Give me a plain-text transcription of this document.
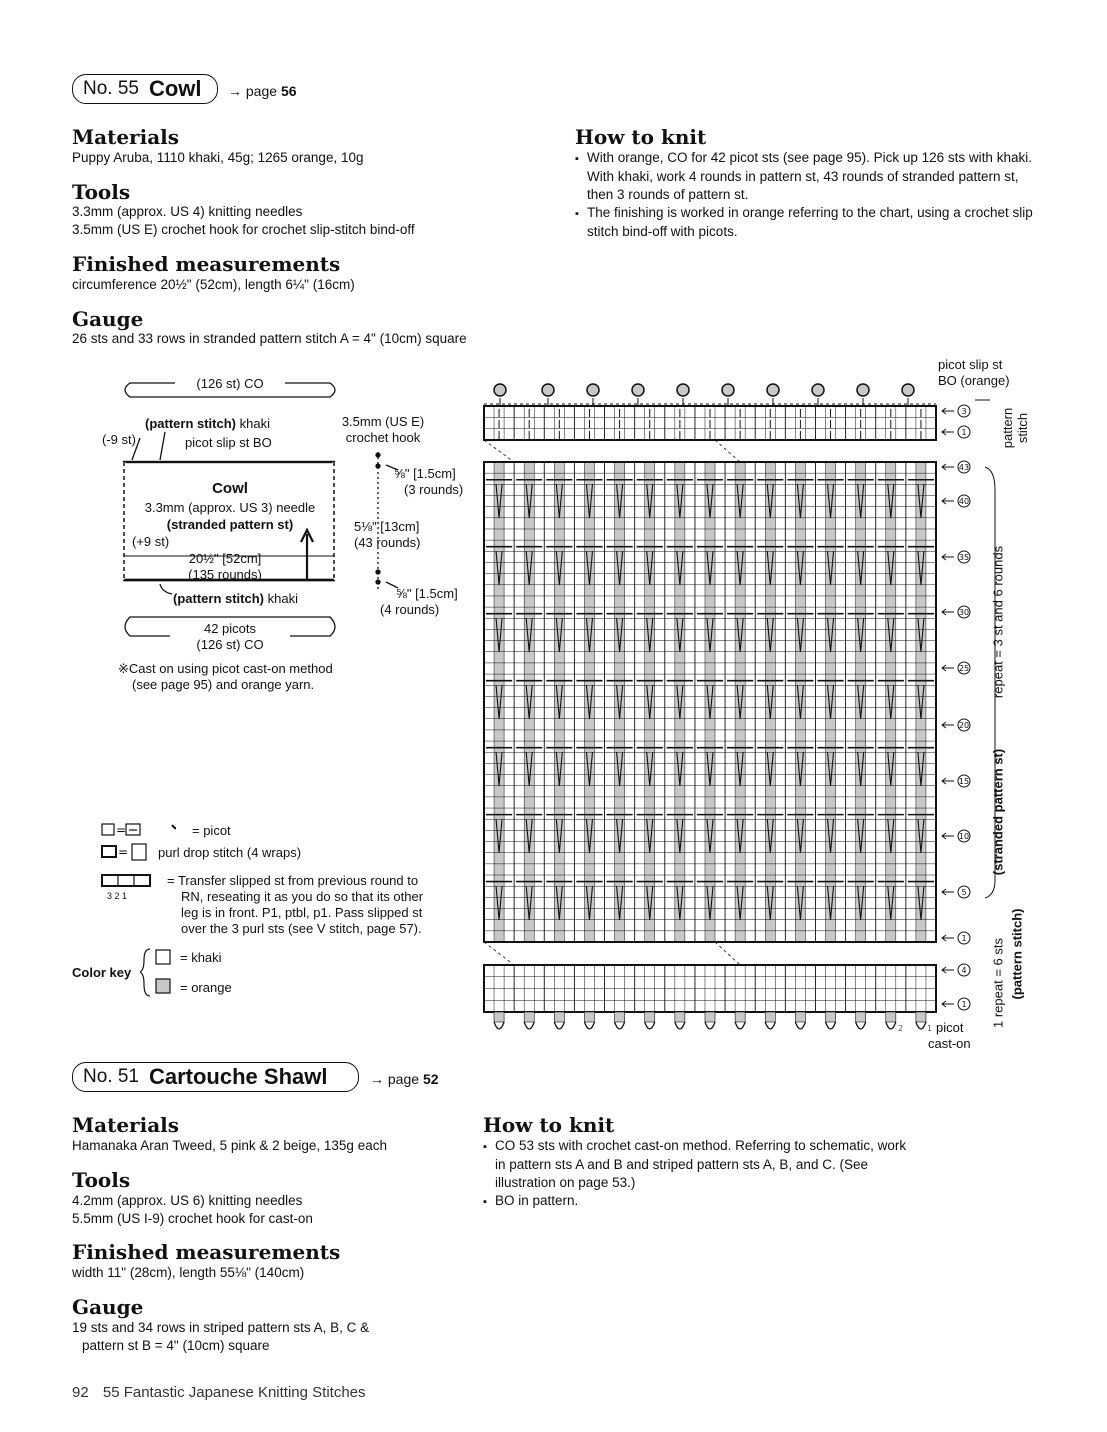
No. 55 Cowl → page 56
Materials
Puppy Aruba, 1110 khaki, 45g; 1265 orange, 10g
Tools

3.3mm (approx. US 4) knitting needles

3.5mm (US E) crochet hook for crochet slip-stitch bind-off

Finished measurements
circumference 20½" (52cm), length 6¼" (16cm)
Gauge
26 sts and 33 rows in stranded pattern stitch A = 4" (10cm) square
How to knit
▪ With orange, CO for 42 picot sts (see page 95). Pick up 126 sts with khaki. With khaki, work 4 rounds in pattern st, 43 rounds of stranded pattern st, then 3 rounds of pattern st.
▪ The finishing is worked in orange referring to the chart, using a crochet slip stitch bind-off with picots.
(126 st) CO
(pattern stitch) khaki
(-9 st)	picot slip st BO
3.5mm (US E)
crochet hook
Cowl
3.3mm (approx. US 3) needle
(stranded pattern st)
(+9 st)
20½" [52cm]
(135 rounds)
⅝" [1.5cm]
(3 rounds)
5⅛" [13cm]
(43 rounds)
⅝" [1.5cm]
(4 rounds)
(pattern stitch) khaki
42 picots
(126 st) CO
※Cast on using picot cast-on method
(see page 95) and orange yarn.
=
=
= picot
purl drop stitch (4 wraps)
= Transfer slipped st from previous round to
RN, reseating it as you do so that its other
leg is in front. P1, ptbl, p1. Pass slipped st
over the 3 purl sts (see V stitch, page 57).
3 2 1
Color key
= khaki
= orange
3
1
43
40
35
30
25
20
15
10
5
1
4
1
2	1
picot slip st
BO (orange)
picot
cast-on
pattern stitch
repeat = 3 st and 6 rounds
(stranded pattern st)
1 repeat = 6 sts (pattern stitch)
No. 51 Cartouche Shawl	→ page 52
Materials
Hamanaka Aran Tweed, 5 pink & 2 beige, 135g each
Tools

4.2mm (approx. US 6) knitting needles

5.5mm (US I-9) crochet hook for cast-on

Finished measurements
width 11" (28cm), length 55⅛" (140cm)
Gauge

19 sts and 34 rows in striped pattern sts A, B, C &

pattern st B = 4" (10cm) square

How to knit
▪ CO 53 sts with crochet cast-on method. Referring to schematic, work in pattern sts A and B and striped pattern sts A, B, and C. (See illustration on page 53.)
▪ BO in pattern.
92 55 Fantastic Japanese Knitting Stitches
